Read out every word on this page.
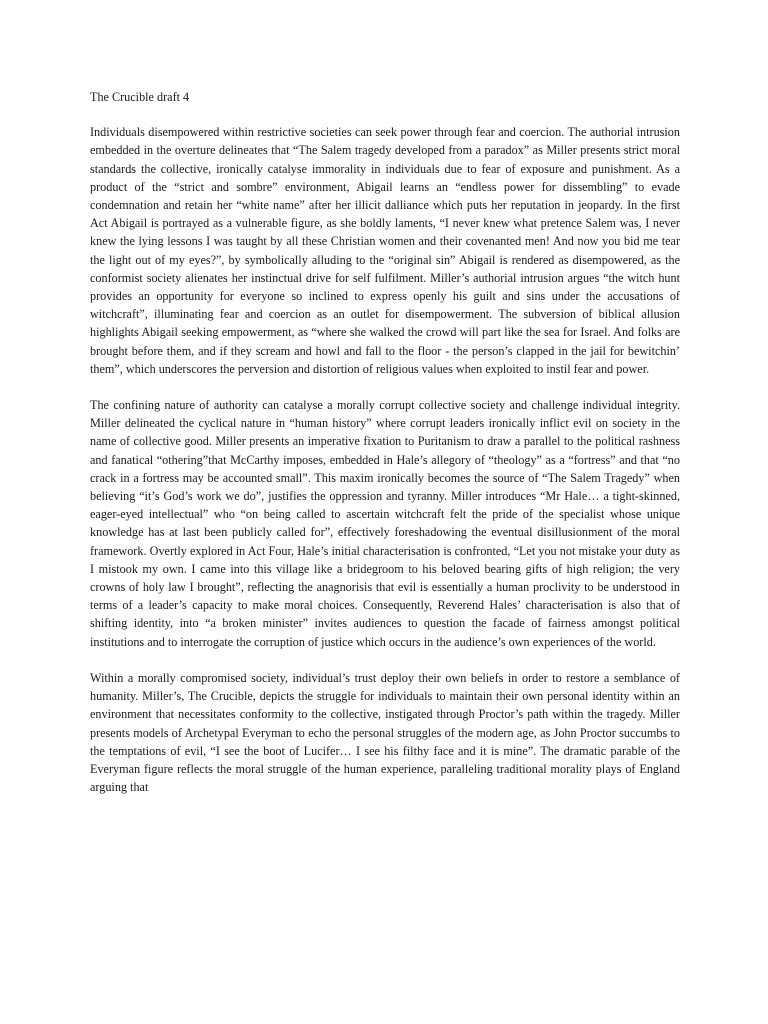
The Crucible draft 4

Individuals disempowered within restrictive societies can seek power through fear and coercion. The authorial intrusion embedded in the overture delineates that “The Salem tragedy developed from a paradox” as Miller presents strict moral standards the collective, ironically catalyse immorality in individuals due to fear of exposure and punishment. As a product of the “strict and sombre” environment, Abigail learns an “endless power for dissembling” to evade condemnation and retain her “white name” after her illicit dalliance which puts her reputation in jeopardy. In the first Act Abigail is portrayed as a vulnerable figure, as she boldly laments, “I never knew what pretence Salem was, I never knew the lying lessons I was taught by all these Christian women and their covenanted men! And now you bid me tear the light out of my eyes?”, by symbolically alluding to the “original sin” Abigail is rendered as disempowered, as the conformist society alienates her instinctual drive for self fulfilment. Miller’s authorial intrusion argues “the witch hunt provides an opportunity for everyone so inclined to express openly his guilt and sins under the accusations of witchcraft”, illuminating fear and coercion as an outlet for disempowerment. The subversion of biblical allusion highlights Abigail seeking empowerment, as “where she walked the crowd will part like the sea for Israel. And folks are brought before them, and if they scream and howl and fall to the floor - the person’s clapped in the jail for bewitchin’ them”, which underscores the perversion and distortion of religious values when exploited to instil fear and power.

The confining nature of authority can catalyse a morally corrupt collective society and challenge individual integrity. Miller delineated the cyclical nature in “human history” where corrupt leaders ironically inflict evil on society in the name of collective good. Miller presents an imperative fixation to Puritanism to draw a parallel to the political rashness and fanatical “othering”that McCarthy imposes, embedded in Hale’s allegory of “theology” as a “fortress” and that “no crack in a fortress may be accounted small”. This maxim ironically becomes the source of “The Salem Tragedy” when believing “it’s God’s work we do”, justifies the oppression and tyranny. Miller introduces “Mr Hale… a tight-skinned, eager-eyed intellectual” who “on being called to ascertain witchcraft felt the pride of the specialist whose unique knowledge has at last been publicly called for”, effectively foreshadowing the eventual disillusionment of the moral framework. Overtly explored in Act Four, Hale’s initial characterisation is confronted, “Let you not mistake your duty as I mistook my own. I came into this village like a bridegroom to his beloved bearing gifts of high religion; the very crowns of holy law I brought”, reflecting the anagnorisis that evil is essentially a human proclivity to be understood in terms of a leader’s capacity to make moral choices. Consequently, Reverend Hales’ characterisation is also that of shifting identity, into “a broken minister” invites audiences to question the facade of fairness amongst political institutions and to interrogate the corruption of justice which occurs in the audience’s own experiences of the world.

Within a morally compromised society, individual’s trust deploy their own beliefs in order to restore a semblance of humanity. Miller’s, The Crucible, depicts the struggle for individuals to maintain their own personal identity within an environment that necessitates conformity to the collective, instigated through Proctor’s path within the tragedy. Miller presents models of Archetypal Everyman to echo the personal struggles of the modern age, as John Proctor succumbs to the temptations of evil, “I see the boot of Lucifer… I see his filthy face and it is mine”. The dramatic parable of the Everyman figure reflects the moral struggle of the human experience, paralleling traditional morality plays of England arguing that
